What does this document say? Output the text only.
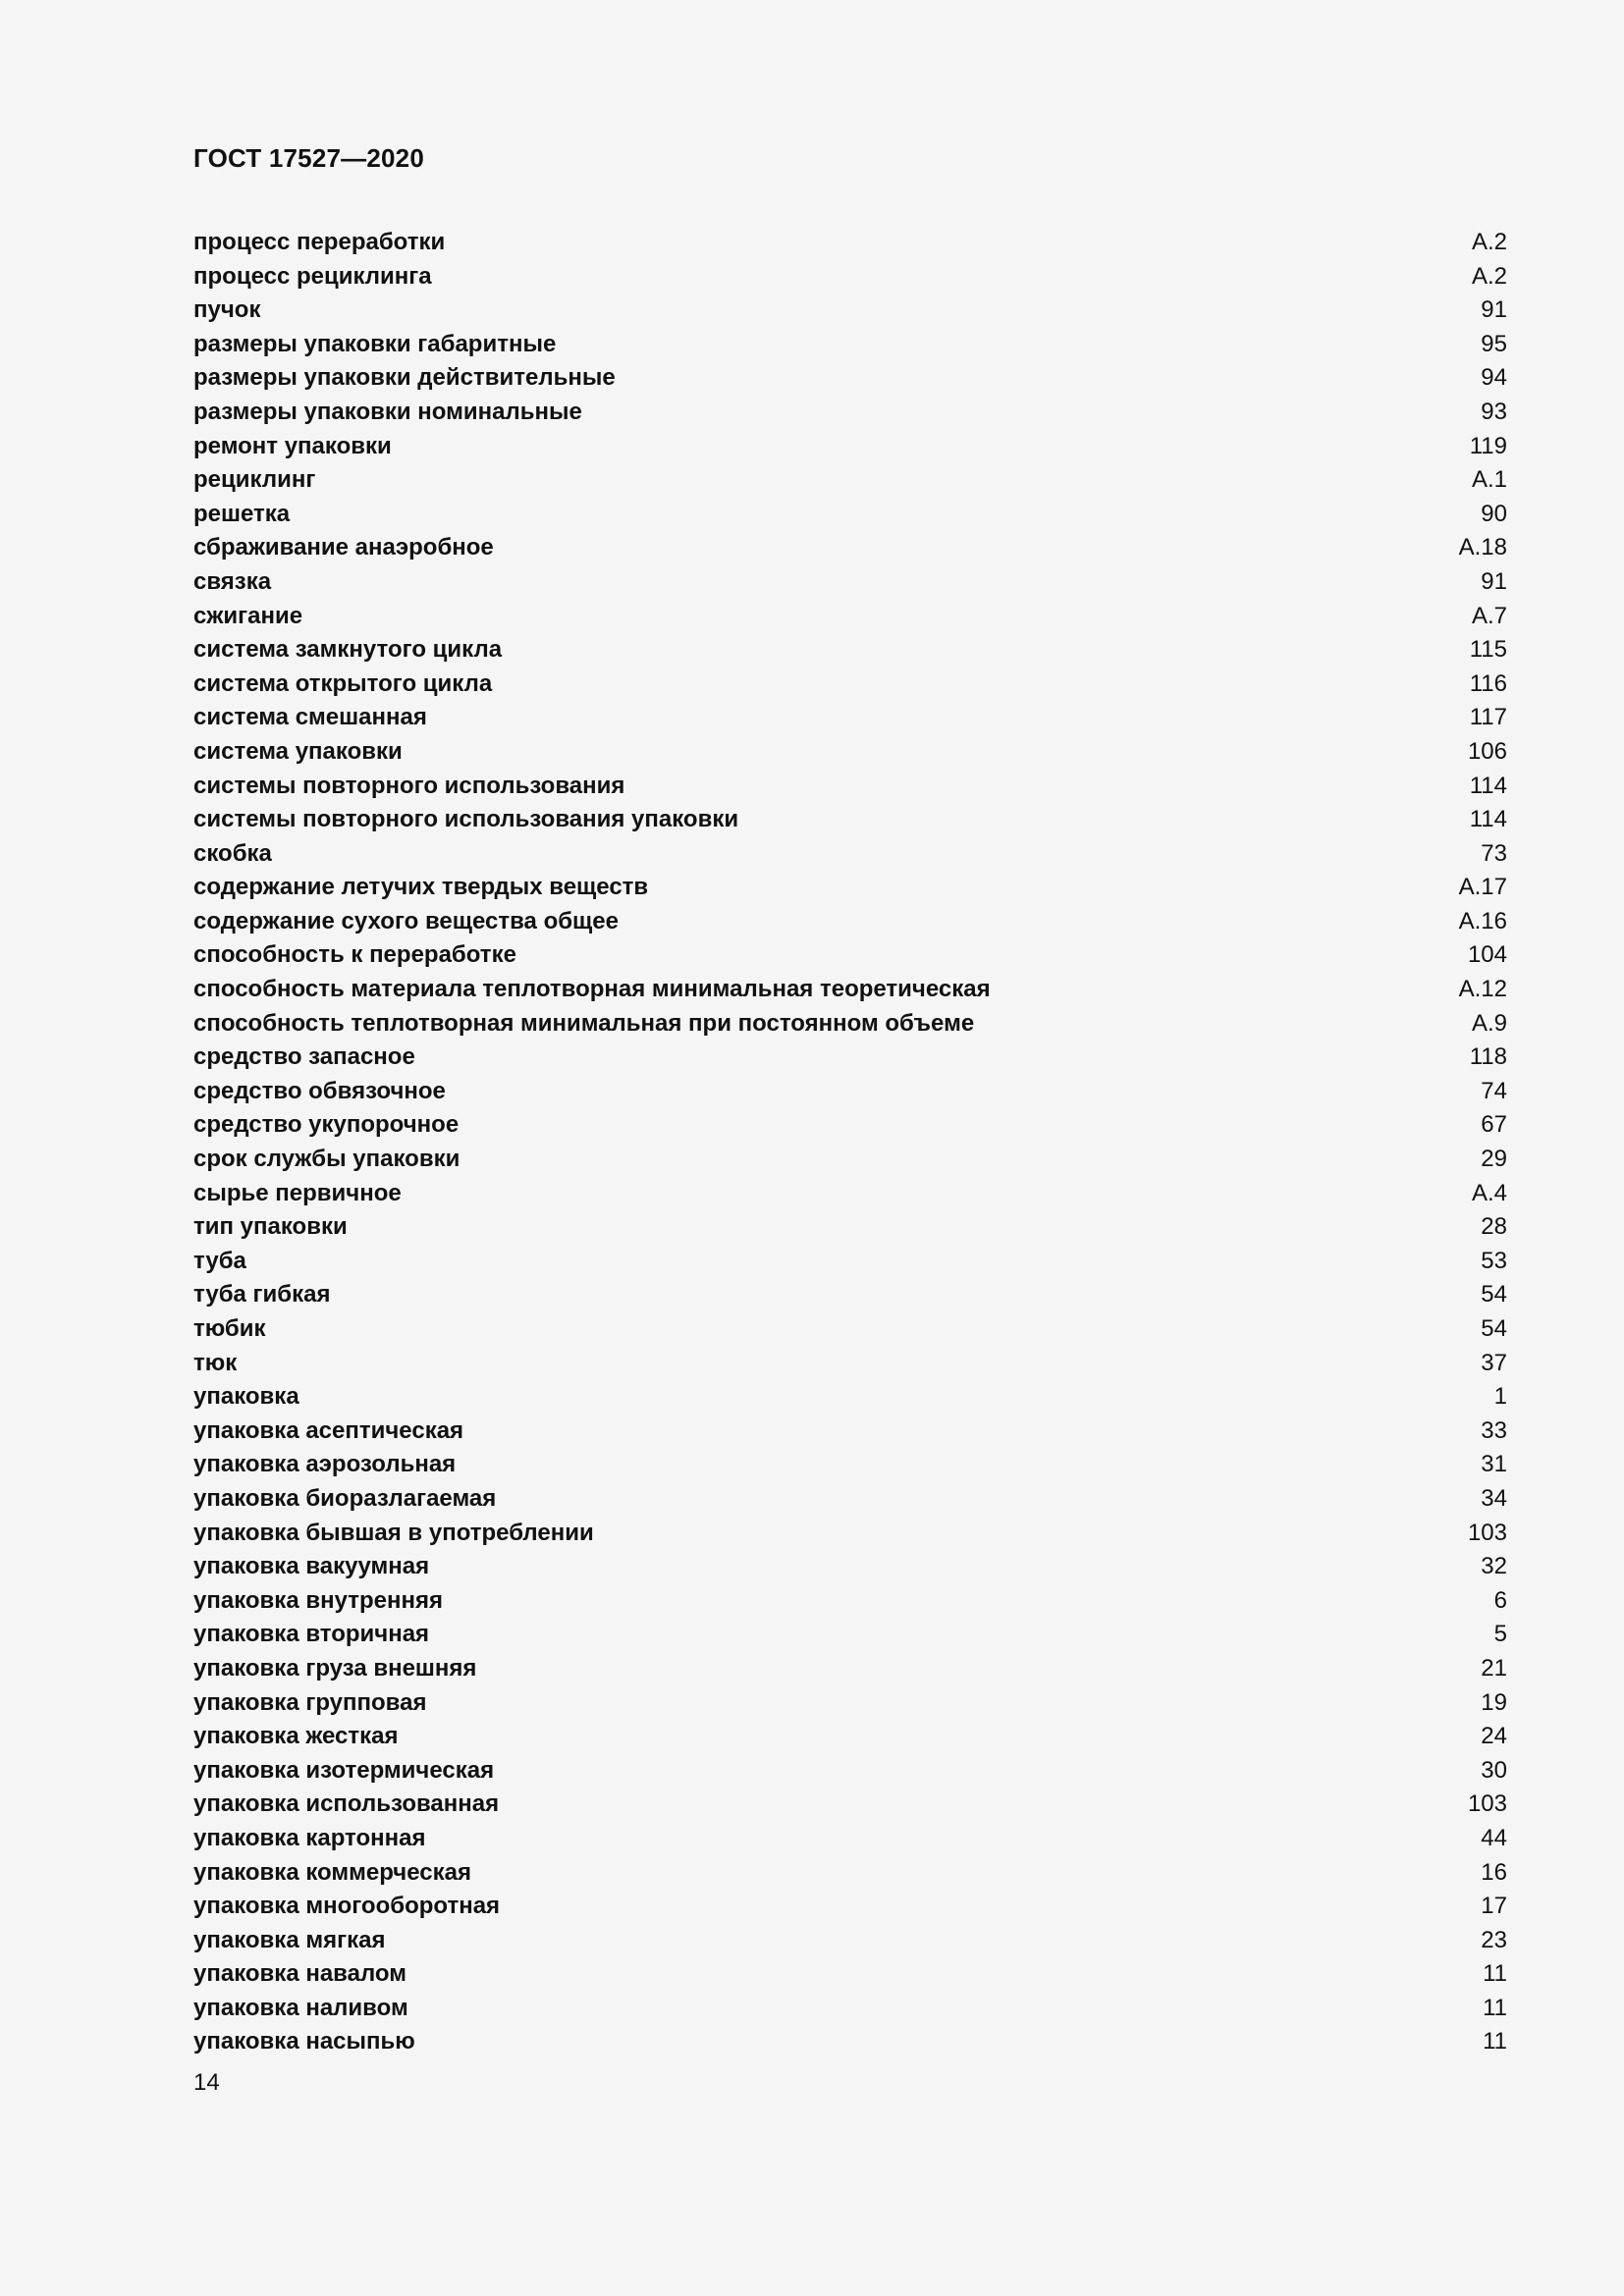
ГОСТ 17527—2020
процесс переработки	А.2
процесс рециклинга	А.2
пучок	91
размеры упаковки габаритные	95
размеры упаковки действительные	94
размеры упаковки номинальные	93
ремонт упаковки	119
рециклинг	А.1
решетка	90
сбраживание анаэробное	А.18
связка	91
сжигание	А.7
система замкнутого цикла	115
система открытого цикла	116
система смешанная	117
система упаковки	106
системы повторного использования	114
системы повторного использования упаковки	114
скобка	73
содержание летучих твердых веществ	А.17
содержание сухого вещества общее	А.16
способность к переработке	104
способность материала теплотворная минимальная теоретическая	А.12
способность теплотворная минимальная при постоянном объеме	А.9
средство запасное	118
средство обвязочное	74
средство укупорочное	67
срок службы упаковки	29
сырье первичное	А.4
тип упаковки	28
туба	53
туба гибкая	54
тюбик	54
тюк	37
упаковка	1
упаковка асептическая	33
упаковка аэрозольная	31
упаковка биоразлагаемая	34
упаковка бывшая в употреблении	103
упаковка вакуумная	32
упаковка внутренняя	6
упаковка вторичная	5
упаковка груза внешняя	21
упаковка групповая	19
упаковка жесткая	24
упаковка изотермическая	30
упаковка использованная	103
упаковка картонная	44
упаковка коммерческая	16
упаковка многооборотная	17
упаковка мягкая	23
упаковка навалом	11
упаковка наливом	11
упаковка насыпью	11
14
